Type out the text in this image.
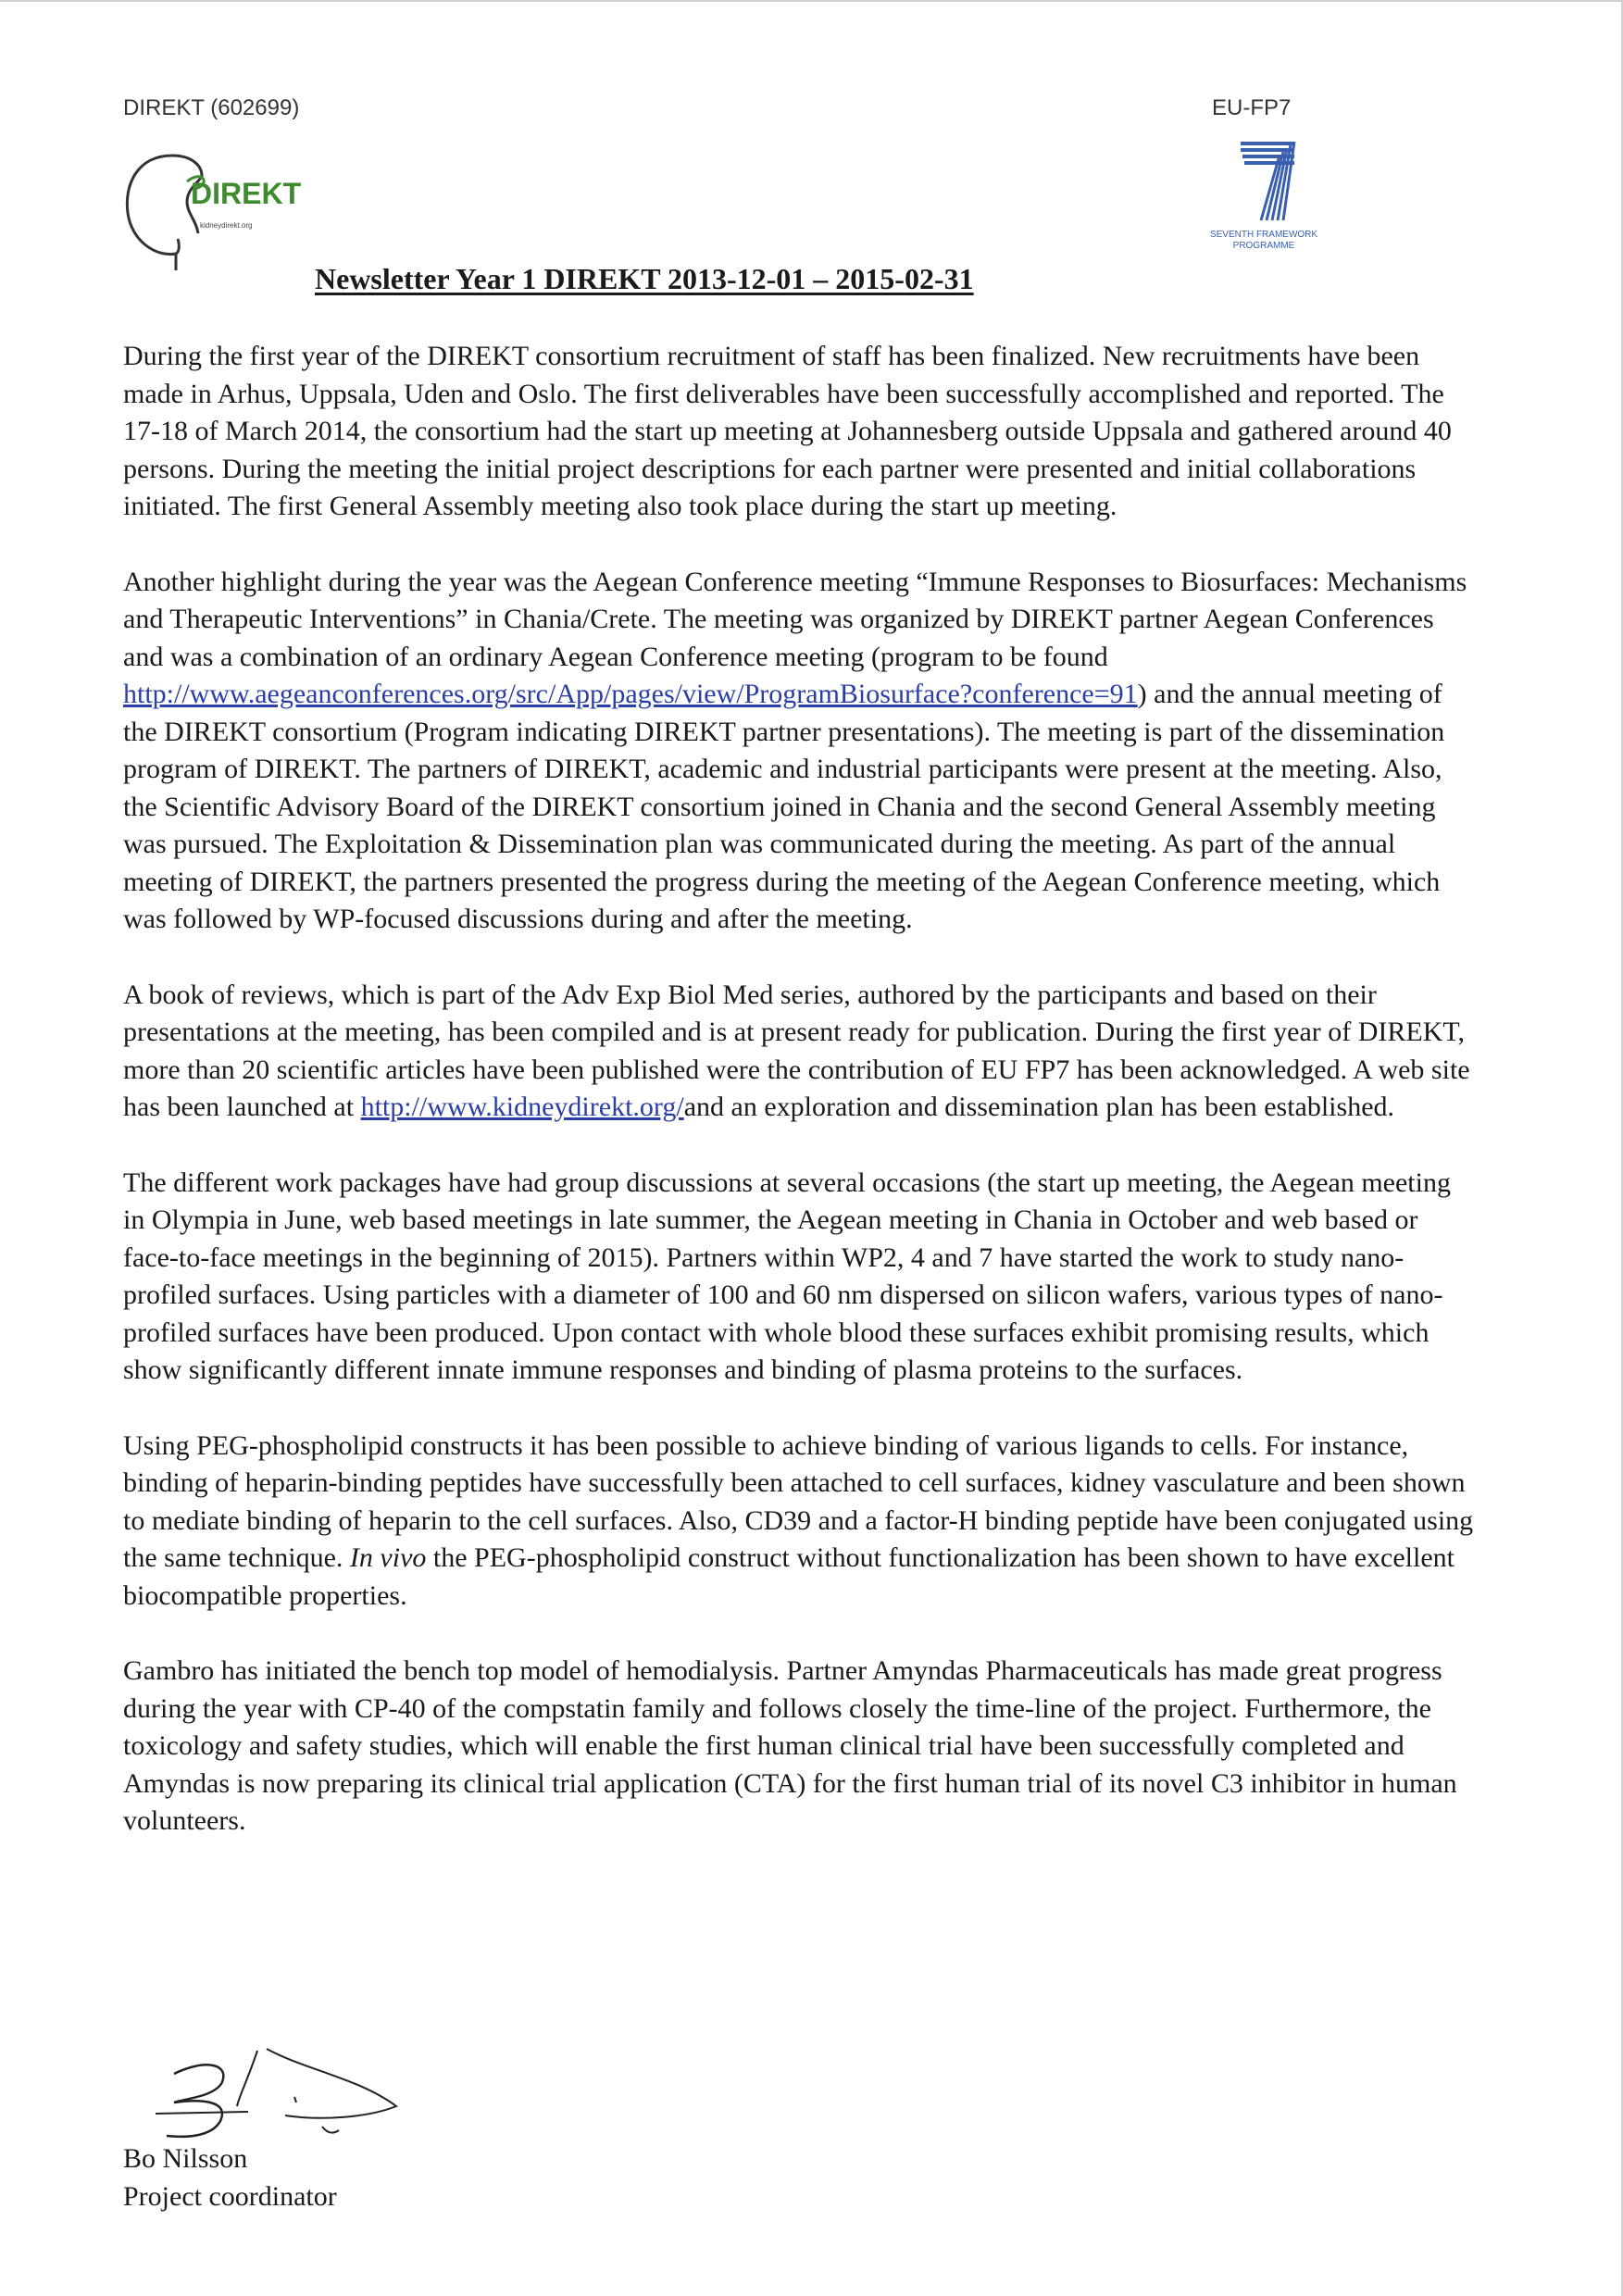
DIREKT (602699)	EU-FP7
DIREKT
kidneydirekt.org
SEVENTH FRAMEWORK
PROGRAMME
Newsletter Year 1 DIREKT 2013-12-01 – 2015-02-31

During the first year of the DIREKT consortium recruitment of staff has been finalized. New recruitments have been made in Arhus, Uppsala, Uden and Oslo. The first deliverables have been successfully accomplished and reported. The 17-18 of March 2014, the consortium had the start up meeting at Johannesberg outside Uppsala and gathered around 40 persons. During the meeting the initial project descriptions for each partner were presented and initial collaborations initiated. The first General Assembly meeting also took place during the start up meeting.

Another highlight during the year was the Aegean Conference meeting “Immune Responses to Biosurfaces: Mechanisms and Therapeutic Interventions” in Chania/Crete. The meeting was organized by DIREKT partner Aegean Conferences and was a combination of an ordinary Aegean Conference meeting (program to be found http://www.aegeanconferences.org/src/App/pages/view/ProgramBiosurface?conference=91) and the annual meeting of the DIREKT consortium (Program indicating DIREKT partner presentations). The meeting is part of the dissemination program of DIREKT. The partners of DIREKT, academic and industrial participants were present at the meeting. Also, the Scientific Advisory Board of the DIREKT consortium joined in Chania and the second General Assembly meeting was pursued. The Exploitation & Dissemination plan was communicated during the meeting. As part of the annual meeting of DIREKT, the partners presented the progress during the meeting of the Aegean Conference meeting, which was followed by WP-focused discussions during and after the meeting.

A book of reviews, which is part of the Adv Exp Biol Med series, authored by the participants and based on their presentations at the meeting, has been compiled and is at present ready for publication. During the first year of DIREKT, more than 20 scientific articles have been published were the contribution of EU FP7 has been acknowledged. A web site has been launched at http://www.kidneydirekt.org/and an exploration and dissemination plan has been established.

The different work packages have had group discussions at several occasions (the start up meeting, the Aegean meeting in Olympia in June, web based meetings in late summer, the Aegean meeting in Chania in October and web based or face-to-face meetings in the beginning of 2015). Partners within WP2, 4 and 7 have started the work to study nano-profiled surfaces. Using particles with a diameter of 100 and 60 nm dispersed on silicon wafers, various types of nano-profiled surfaces have been produced. Upon contact with whole blood these surfaces exhibit promising results, which show significantly different innate immune responses and binding of plasma proteins to the surfaces.

Using PEG-phospholipid constructs it has been possible to achieve binding of various ligands to cells. For instance, binding of heparin-binding peptides have successfully been attached to cell surfaces, kidney vasculature and been shown to mediate binding of heparin to the cell surfaces. Also, CD39 and a factor-H binding peptide have been conjugated using the same technique. In vivo the PEG-phospholipid construct without functionalization has been shown to have excellent biocompatible properties.

Gambro has initiated the bench top model of hemodialysis. Partner Amyndas Pharmaceuticals has made great progress during the year with CP-40 of the compstatin family and follows closely the time-line of the project. Furthermore, the toxicology and safety studies, which will enable the first human clinical trial have been successfully completed and Amyndas is now preparing its clinical trial application (CTA) for the first human trial of its novel C3 inhibitor in human volunteers.

Bo Nilsson
Project coordinator
